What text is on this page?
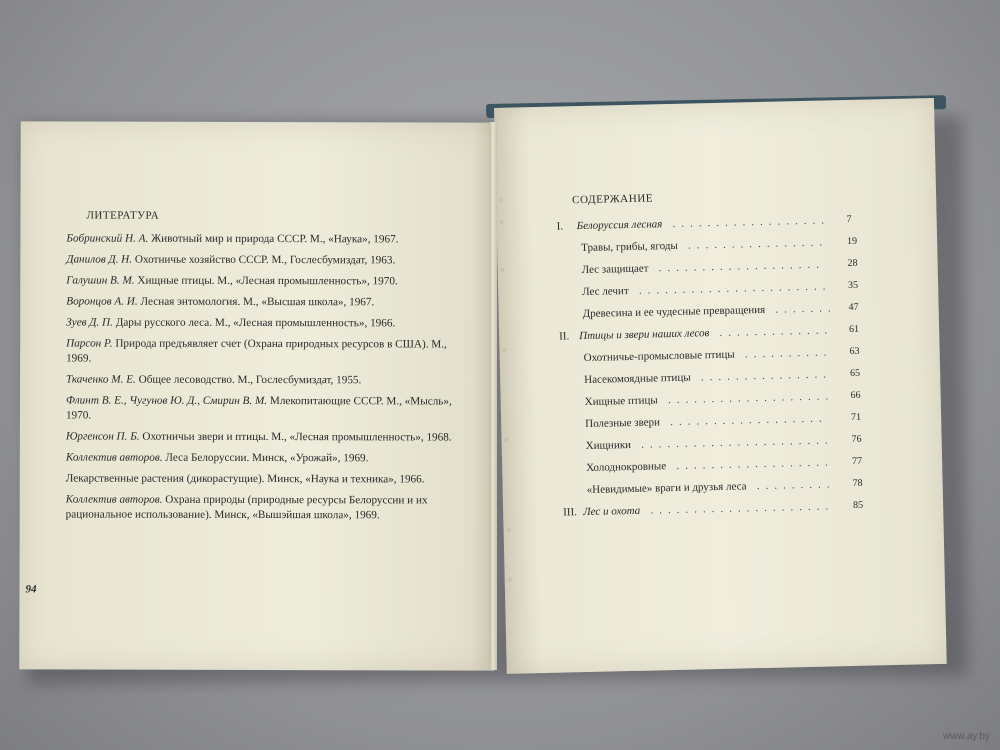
ЛИТЕРАТУРА
Бобринский Н. А. Животный мир и природа СССР. М., «Наука», 1967.
Данилов Д. Н. Охотничье хозяйство СССР. М., Гослесбумиздат, 1963.
Галушин В. М. Хищные птицы. М., «Лесная промышленность», 1970.
Воронцов А. И. Лесная энтомология. М., «Высшая школа», 1967.
Зуев Д. П. Дары русского леса. М., «Лесная промышленность», 1966.
Парсон Р. Природа предъявляет счет (Охрана природных ресурсов в США). М., 1969.
Ткаченко М. Е. Общее лесоводство. М., Гослесбумиздат, 1955.
Флинт В. Е., Чугунов Ю. Д., Смирин В. М. Млекопитающие СССР. М., «Мысль», 1970.
Юргенсон П. Б. Охотничьи звери и птицы. М., «Лесная промышленность», 1968.
Коллектив авторов. Леса Белоруссии. Минск, «Урожай», 1969.
Лекарственные растения (дикорастущие). Минск, «Наука и техника», 1966.
Коллектив авторов. Охрана природы (природные ресурсы Белоруссии и их рациональное использование). Минск, «Вышэйшая школа», 1969.
94
СОДЕРЖАНИЕ
I. Белоруссия лесная	7
..................
Травы, грибы, ягоды	19
................
Лес защищает	28
...................
Лес лечит	35
......................
Древесина и ее чудесные превращения	47
.......
II. Птицы и звери наших лесов	61
.............
Охотничье-промысловые птицы	63
..........
Насекомоядные птицы	65
...............
Хищные птицы	66
...................
Полезные звери	71
..................
Хищники	76
......................
Холоднокровные	77
..................
«Невидимые» враги и друзья леса	78
.........
III. Лес и охота	85
.....................
www.ay.by
